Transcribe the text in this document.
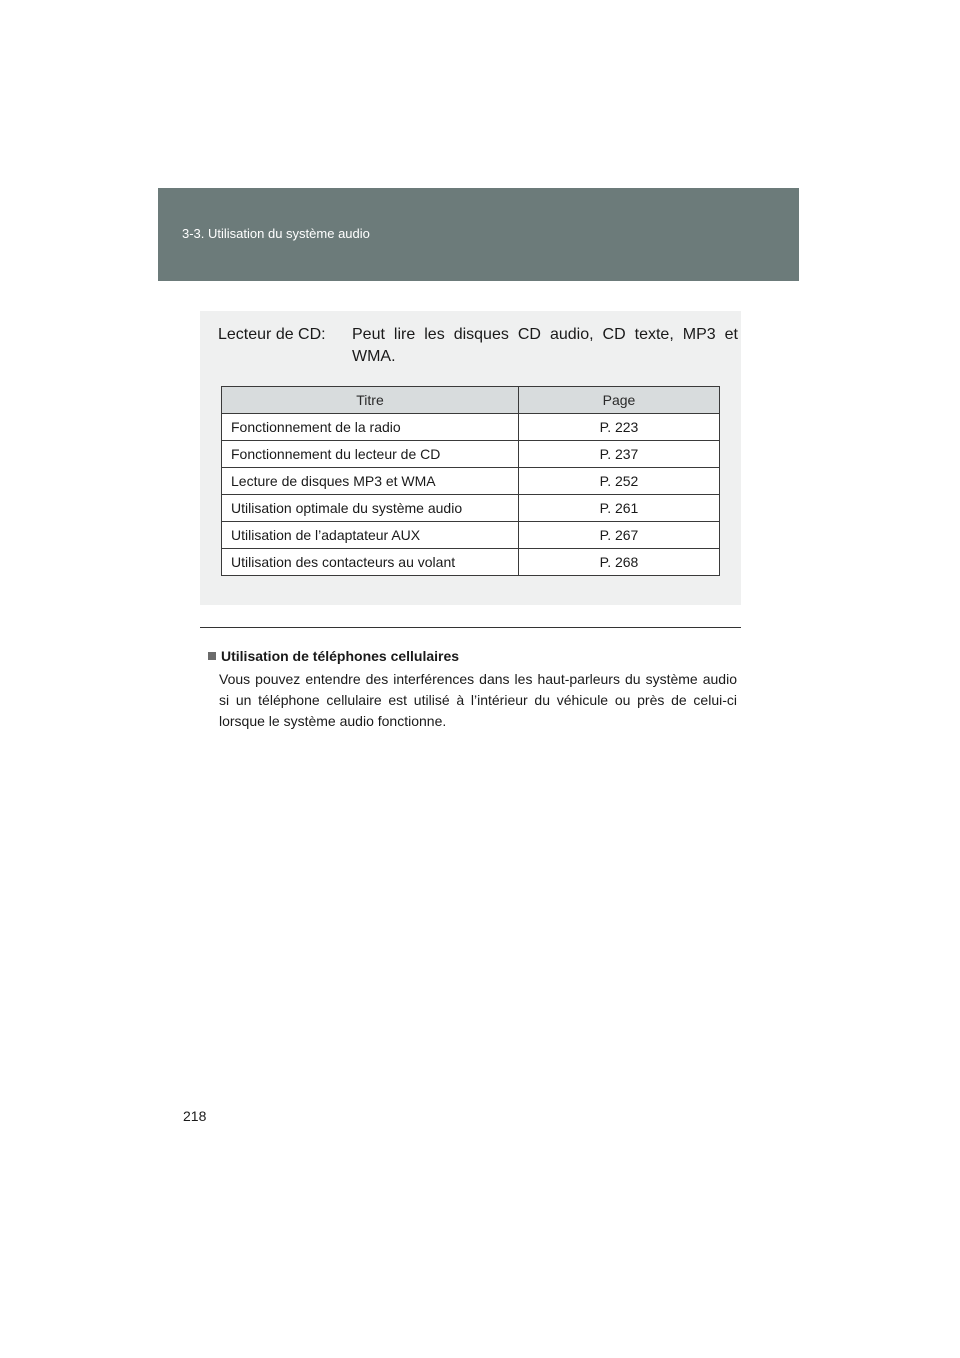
3-3. Utilisation du système audio
Lecteur de CD: Peut lire les disques CD audio, CD texte, MP3 et WMA.
Titre	Page
Fonctionnement de la radio	P. 223
Fonctionnement du lecteur de CD	P. 237
Lecture de disques MP3 et WMA	P. 252
Utilisation optimale du système audio	P. 261
Utilisation de l’adaptateur AUX	P. 267
Utilisation des contacteurs au volant	P. 268
Utilisation de téléphones cellulaires
Vous pouvez entendre des interférences dans les haut-parleurs du système audio si un téléphone cellulaire est utilisé à l’intérieur du véhicule ou près de celui-ci lorsque le système audio fonctionne.
218
